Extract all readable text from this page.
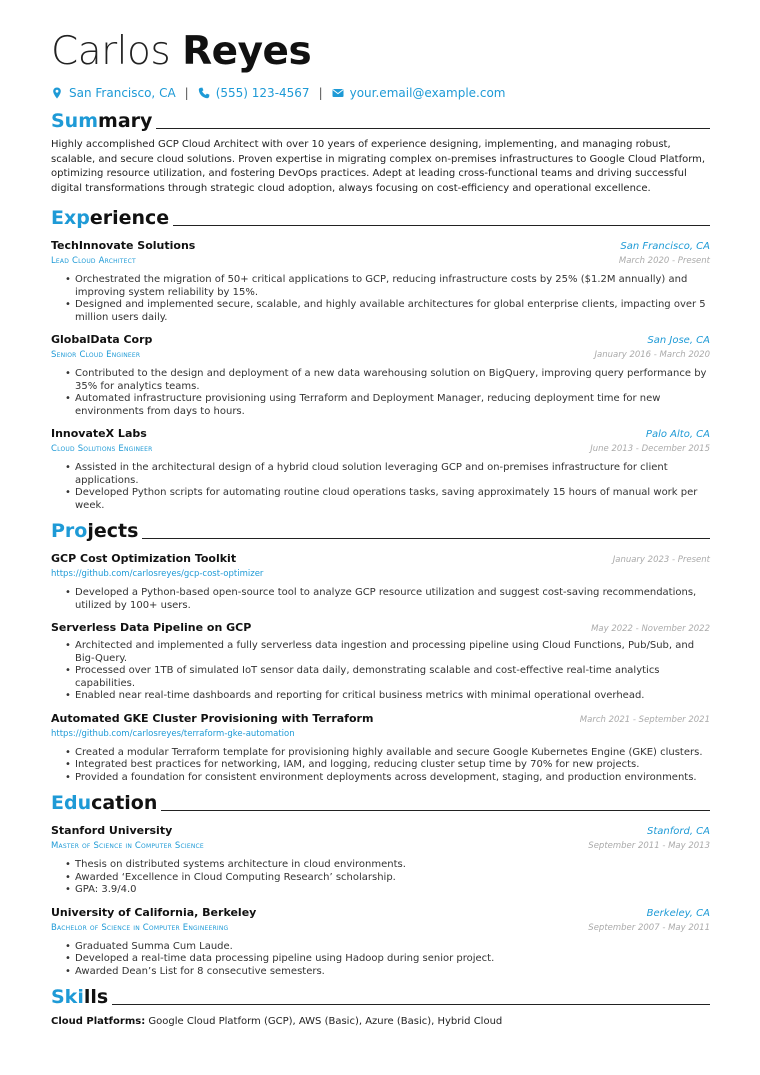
Carlos Reyes
San Francisco, CA | (555) 123-4567 | your.email@example.com
Summary

Highly accomplished GCP Cloud Architect with over 10 years of experience designing, implementing, and managing robust, scalable, and secure cloud solutions. Proven expertise in migrating complex on-premises infrastructures to Google Cloud Platform, optimizing resource utilization, and fostering DevOps practices. Adept at leading cross-functional teams and driving successful digital transformations through strategic cloud adoption, always focusing on cost-efficiency and operational excellence.

Experience
TechInnovate Solutions	San Francisco, CA
Lead Cloud Architect	March 2020 - Present
• Orchestrated the migration of 50+ critical applications to GCP, reducing infrastructure costs by 25% ($1.2M annually) and improving system reliability by 15%.
• Designed and implemented secure, scalable, and highly available architectures for global enterprise clients, impacting over 5 million users daily.
GlobalData Corp	San Jose, CA
Senior Cloud Engineer	January 2016 - March 2020
• Contributed to the design and deployment of a new data warehousing solution on BigQuery, improving query performance by 35% for analytics teams.
• Automated infrastructure provisioning using Terraform and Deployment Manager, reducing deployment time for new environments from days to hours.
InnovateX Labs	Palo Alto, CA
Cloud Solutions Engineer	June 2013 - December 2015
• Assisted in the architectural design of a hybrid cloud solution leveraging GCP and on-premises infrastructure for client applications.
• Developed Python scripts for automating routine cloud operations tasks, saving approximately 15 hours of manual work per week.
Projects
GCP Cost Optimization Toolkit	January 2023 - Present
https://github.com/carlosreyes/gcp-cost-optimizer
• Developed a Python-based open-source tool to analyze GCP resource utilization and suggest cost-saving recommendations, utilized by 100+ users.
Serverless Data Pipeline on GCP	May 2022 - November 2022
• Architected and implemented a fully serverless data ingestion and processing pipeline using Cloud Functions, Pub/Sub, and Big-Query.
• Processed over 1TB of simulated IoT sensor data daily, demonstrating scalable and cost-effective real-time analytics capabilities.
• Enabled near real-time dashboards and reporting for critical business metrics with minimal operational overhead.
Automated GKE Cluster Provisioning with Terraform	March 2021 - September 2021
https://github.com/carlosreyes/terraform-gke-automation
• Created a modular Terraform template for provisioning highly available and secure Google Kubernetes Engine (GKE) clusters.
• Integrated best practices for networking, IAM, and logging, reducing cluster setup time by 70% for new projects.
• Provided a foundation for consistent environment deployments across development, staging, and production environments.
Education
Stanford University	Stanford, CA
Master of Science in Computer Science	September 2011 - May 2013
• Thesis on distributed systems architecture in cloud environments.
• Awarded ‘Excellence in Cloud Computing Research’ scholarship.
• GPA: 3.9/4.0
University of California, Berkeley	Berkeley, CA
Bachelor of Science in Computer Engineering	September 2007 - May 2011
• Graduated Summa Cum Laude.
• Developed a real-time data processing pipeline using Hadoop during senior project.
• Awarded Dean’s List for 8 consecutive semesters.
Skills
Cloud Platforms: Google Cloud Platform (GCP), AWS (Basic), Azure (Basic), Hybrid Cloud
